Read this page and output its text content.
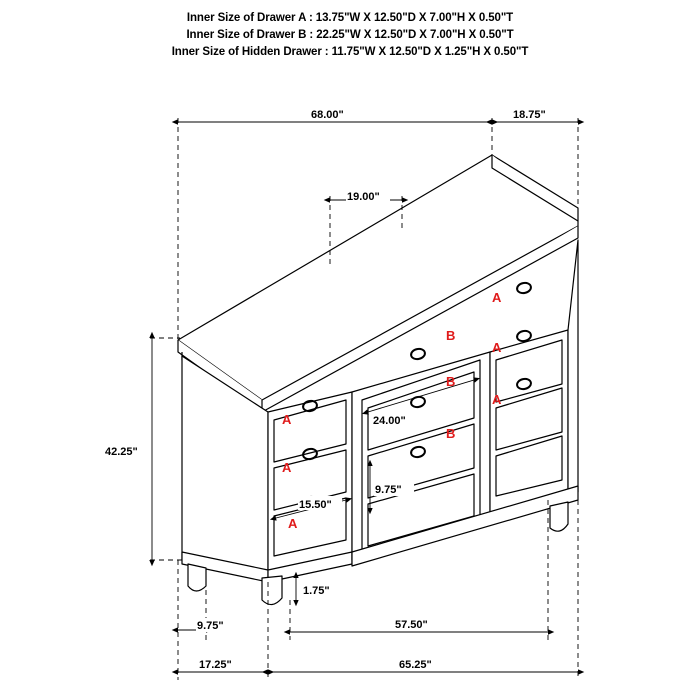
Inner Size of Drawer A : 13.75"W X 12.50"D X 7.00"H X 0.50"T
Inner Size of Drawer B : 22.25"W X 12.50"D X 7.00"H X 0.50"T
Inner Size of Hidden Drawer : 11.75"W X 12.50"D X 1.25"H X 0.50"T
A
A
A
B
B
B
A
A
A
68.00"	18.75"
19.00"
42.25"
24.00"
15.50"
9.75"
1.75"
9.75"	57.50"
17.25"	65.25"
